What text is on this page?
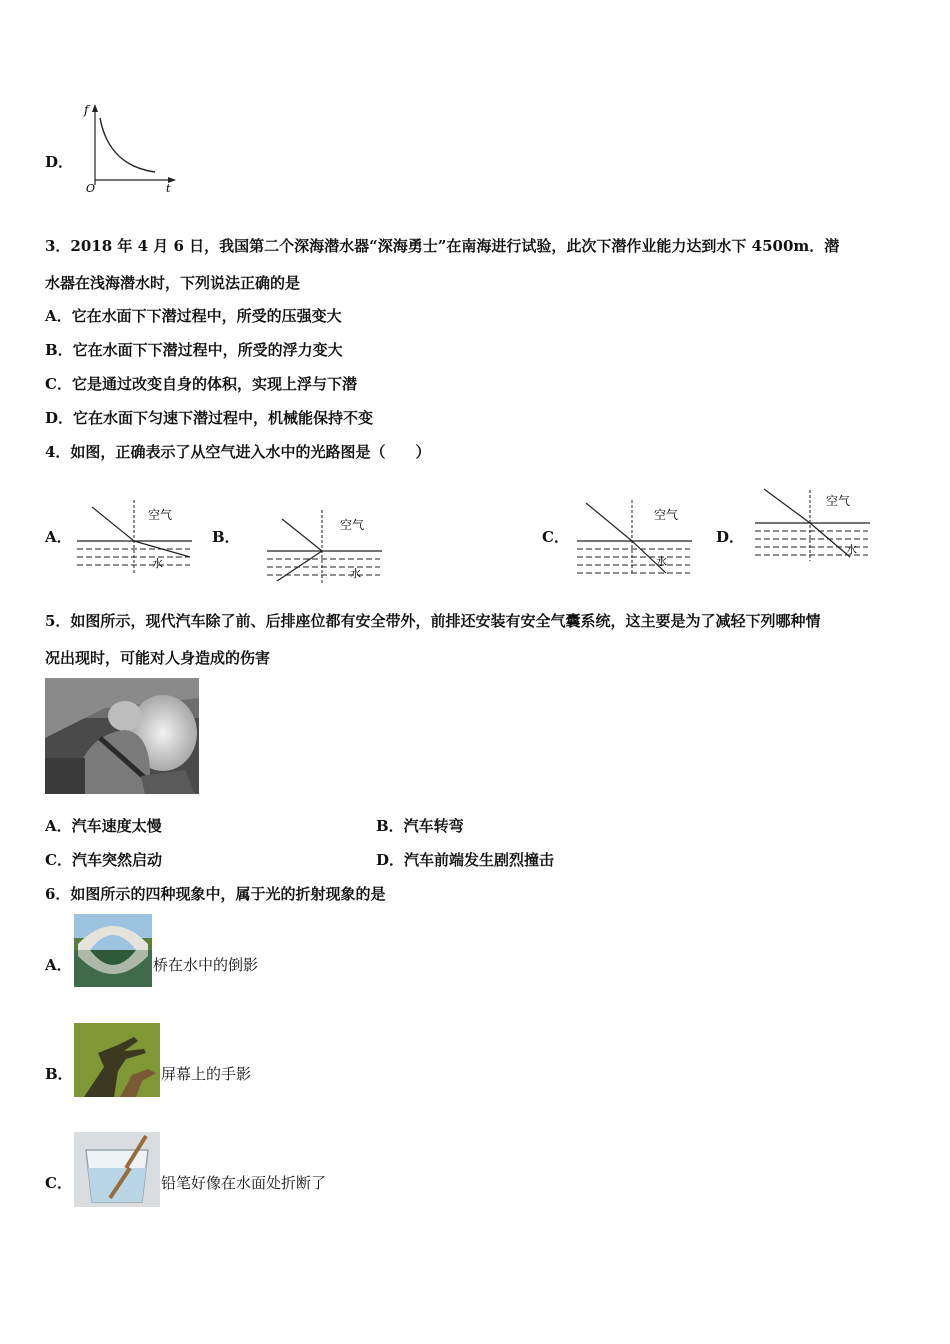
D．
f
t
O
3．2018 年 4 月 6 日，我国第二个深海潜水器“深海勇士”在南海进行试验，此次下潜作业能力达到水下 4500m．潜
水器在浅海潜水时，下列说法正确的是
A．它在水面下下潜过程中，所受的压强变大
B．它在水面下下潜过程中，所受的浮力变大
C．它是通过改变自身的体积，实现上浮与下潜
D．它在水面下匀速下潜过程中，机械能保持不变
4．如图，正确表示了从空气进入水中的光路图是（　　）
A．
空气
水
B．
空气
水
C．
空气
水
D．
空气
水
5．如图所示，现代汽车除了前、后排座位都有安全带外，前排还安装有安全气囊系统，这主要是为了减轻下列哪种情
况出现时，可能对人身造成的伤害
A．汽车速度太慢	B．汽车转弯
C．汽车突然启动	D．汽车前端发生剧烈撞击
6．如图所示的四种现象中，属于光的折射现象的是
A．	桥在水中的倒影
B．	屏幕上的手影
C．	铅笔好像在水面处折断了
